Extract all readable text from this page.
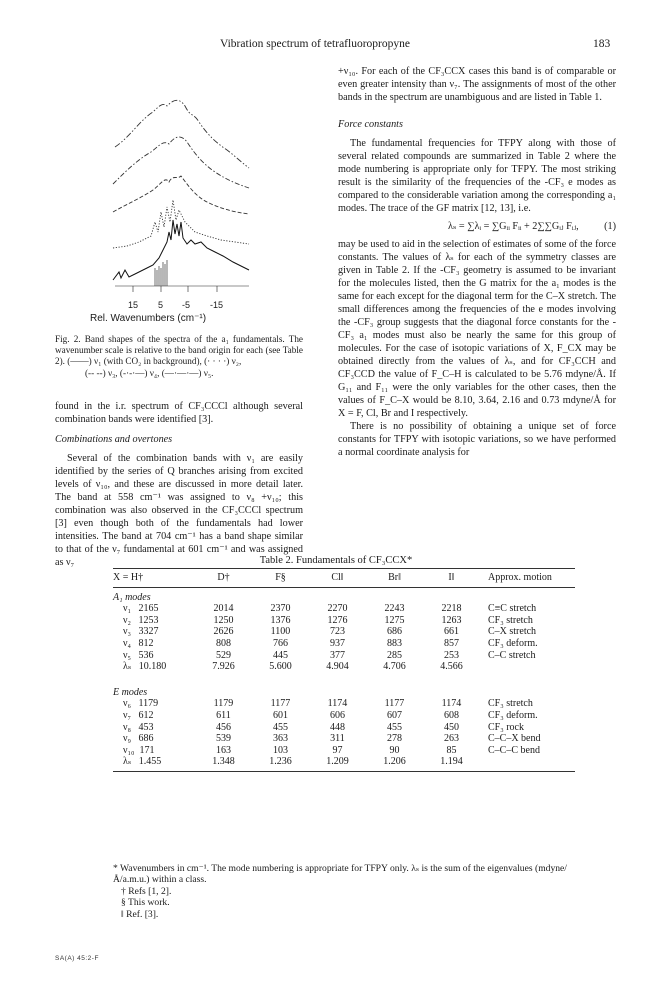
Vibration spectrum of tetrafluoropropyne	183
15 5 -5 -15
Rel. Wavenumbers (cm⁻¹)

Fig. 2. Band shapes of the spectra of the a₁ fundamentals. The wavenumber scale is relative to the band origin for each (see Table 2). (——) ν₁ (with CO₂ in background), (· · · ·) ν₂,

(-- --) ν₃, (-·-·—) ν₄, (—·—·—) ν₅.

found in the i.r. spectrum of CF₃CCCl although several combination bands were identified [3].

Combinations and overtones

Several of the combination bands with ν₁ are easily identified by the series of Q branches arising from excited levels of ν₁₀, and these are discussed in more detail later. The band at 558 cm⁻¹ was assigned to ν₈ +ν₁₀; this combination was also observed in the CF₃CCCl spectrum [3] even though both of the fundamentals had lower intensities. The band at 704 cm⁻¹ has a band shape similar to that of the ν₇ fundamental at 601 cm⁻¹ and was assigned as ν₇

+ν₁₀. For each of the CF₃CCX cases this band is of comparable or even greater intensity than ν₇. The assignments of most of the other bands in the spectrum are unambiguous and are listed in Table 1.

Force constants

The fundamental frequencies for TFPY along with those of several related compounds are summarized in Table 2 where the mode numbering is appropriate only for TFPY. The most striking result is the similarity of the frequencies of the -CF₃ e modes as compared to the considerable variation among the corresponding a₁ modes. The trace of the GF matrix [12, 13], i.e.

λₛ = ∑λᵢ = ∑Gᵢᵢ Fᵢᵢ + 2∑∑Gᵢⱼ Fᵢⱼ, (1)

may be used to aid in the selection of estimates of some of the force constants. The values of λₛ for each of the symmetry classes are given in Table 2. If the -CF₃ geometry is assumed to be invariant for the molecules listed, then the G matrix for the a₁ modes is the same for each except for the diagonal term for the C–X stretch. The small differences among the frequencies of the e modes involving the -CF₃ group suggests that the diagonal force constants for the -CF₃ a₁ modes must also be nearly the same for this group of molecules. For the case of isotopic variations of X, F_CX may be obtained directly from the values of λₛ, and for CF₃CCH and CF₃CCD the value of F_C–H is calculated to be 5.76 mdyne/Å. If G₁₁ and F₁₁ were the only variables for the other cases, then the values of F_C–X would be 8.10, 3.64, 2.16 and 0.73 mdyne/Å for X = F, Cl, Br and I respectively.

There is no possibility of obtaining a unique set of force constants for TFPY with isotopic variations, so we have performed a normal coordinate analysis for

Table 2. Fundamentals of CF₃CCX*
X = H†	D†	F§	Cl‖	Br‖	I‖	Approx. motion
A₁ modes						
ν₁   2165	2014	2370	2270	2243	2218	C≡C stretch
ν₂   1253	1250	1376	1276	1275	1263	CF₃ stretch
ν₃   3327	2626	1100	723	686	661	C–X stretch
ν₄   812	808	766	937	883	857	CF₃ deform.
ν₅   536	529	445	377	285	253	C–C stretch
λₛ   10.180	7.926	5.600	4.904	4.706	4.566	

E modes						
ν₆   1179	1179	1177	1174	1177	1174	CF₃ stretch
ν₇   612	611	601	606	607	608	CF₃ deform.
ν₈   453	456	455	448	455	450	CF₃ rock
ν₉   686	539	363	311	278	263	C–C–X bend
ν₁₀  171	163	103	97	90	85	C–C–C bend
λₛ   1.455	1.348	1.236	1.209	1.206	1.194	

* Wavenumbers in cm⁻¹. The mode numbering is appropriate for TFPY only. λₛ is the sum of the eigenvalues (mdyne/Å/a.m.u.) within a class.

† Refs [1, 2].

§ This work.

‖ Ref. [3].

SA(A) 45:2-F
